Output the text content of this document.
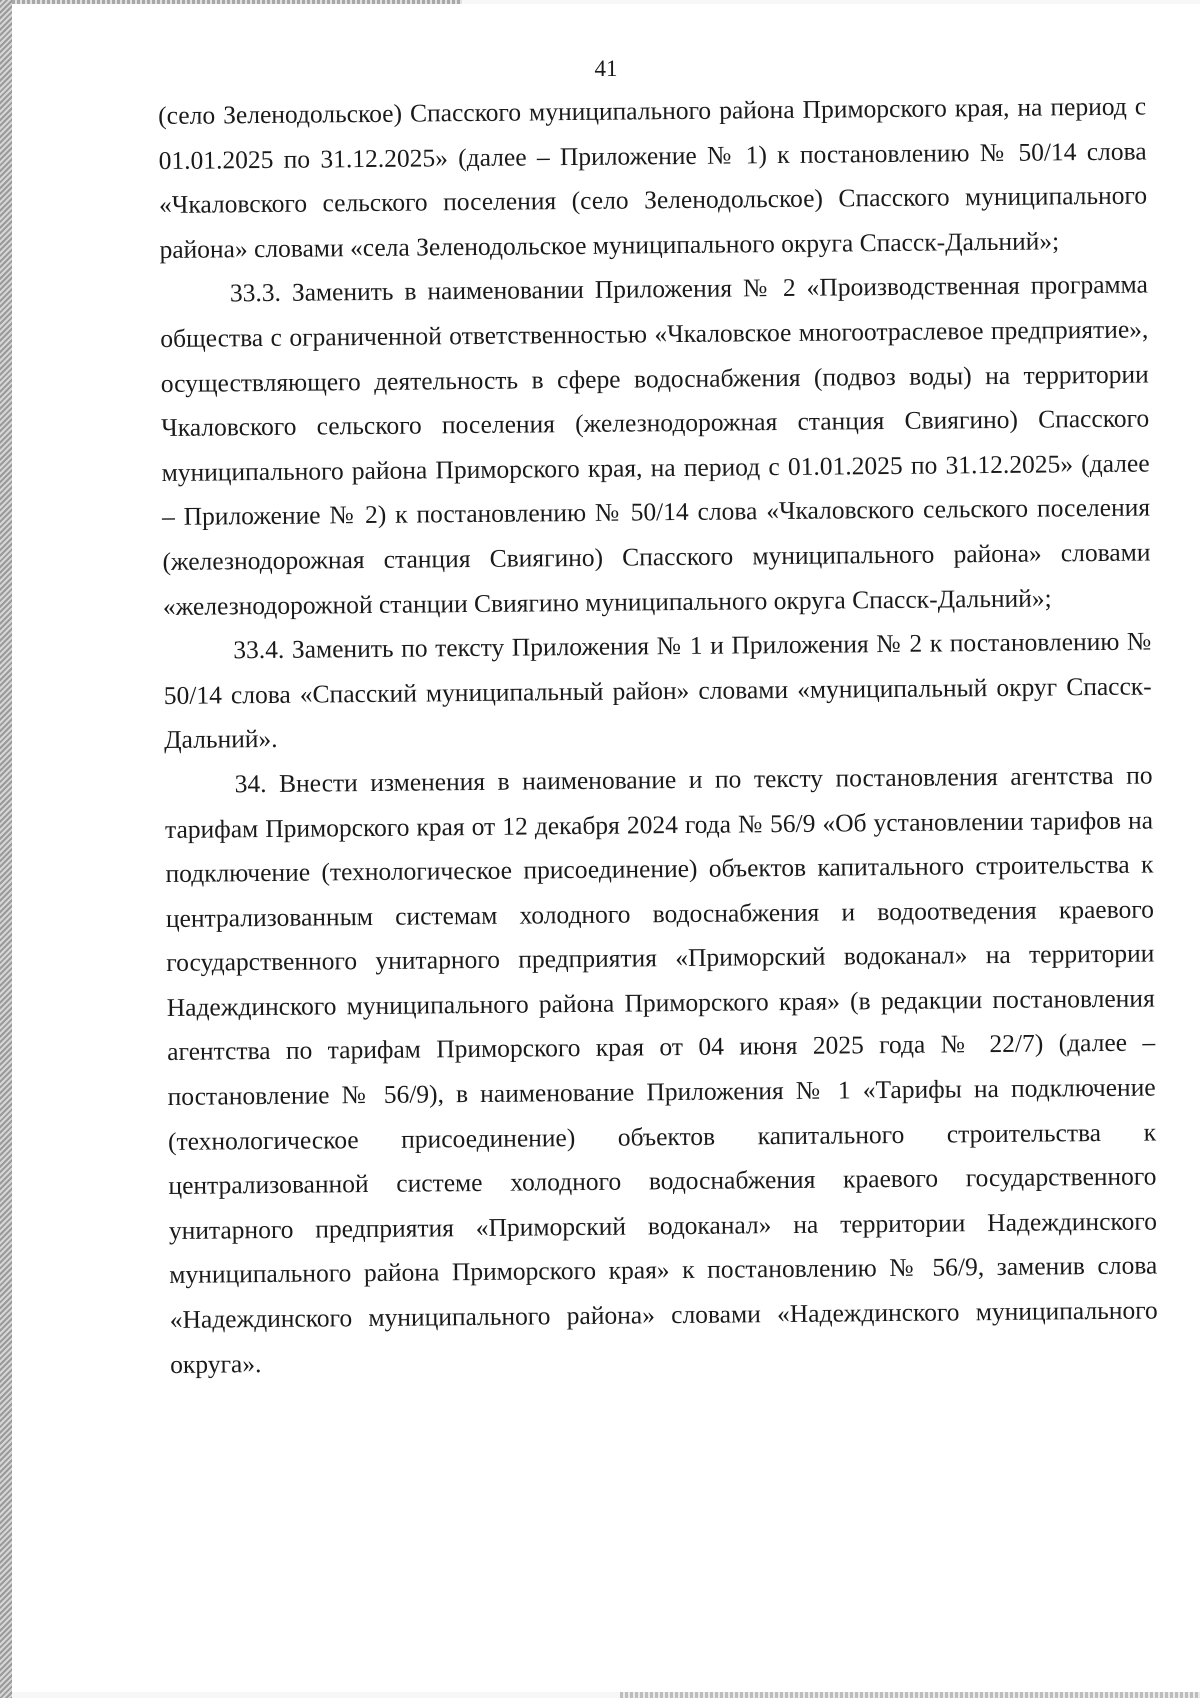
41

(село Зеленодольское) Спасского муниципального района Приморского края, на период с 01.01.2025 по 31.12.2025» (далее – Приложение № 1) к постановлению № 50/14 слова «Чкаловского сельского поселения (село Зеленодольское) Спасского муниципального района» словами «села Зеленодольское муниципального округа Спасск-Дальний»;

33.3. Заменить в наименовании Приложения № 2 «Производственная программа общества с ограниченной ответственностью «Чкаловское многоотраслевое предприятие», осуществляющего деятельность в сфере водоснабжения (подвоз воды) на территории Чкаловского сельского поселения (железнодорожная станция Свиягино) Спасского муниципального района Приморского края, на период с 01.01.2025 по 31.12.2025» (далее – Приложение № 2) к постановлению № 50/14 слова «Чкаловского сельского поселения (железнодорожная станция Свиягино) Спасского муниципального района» словами «железнодорожной станции Свиягино муниципального округа Спасск-Дальний»;

33.4. Заменить по тексту Приложения № 1 и Приложения № 2 к постановлению № 50/14 слова «Спасский муниципальный район» словами «муниципальный округ Спасск-Дальний».

34. Внести изменения в наименование и по тексту постановления агентства по тарифам Приморского края от 12 декабря 2024 года № 56/9 «Об установлении тарифов на подключение (технологическое присоединение) объектов капитального строительства к централизованным системам холодного водоснабжения и водоотведения краевого государственного унитарного предприятия «Приморский водоканал» на территории Надеждинского муниципального района Приморского края» (в редакции постановления агентства по тарифам Приморского края от 04 июня 2025 года № 22/7) (далее – постановление № 56/9), в наименование Приложения № 1 «Тарифы на подключение (технологическое присоединение) объектов капитального строительства к централизованной системе холодного водоснабжения краевого государственного унитарного предприятия «Приморский водоканал» на территории Надеждинского муниципального района Приморского края» к постановлению № 56/9, заменив слова «Надеждинского муниципального района» словами «Надеждинского муниципального округа».
